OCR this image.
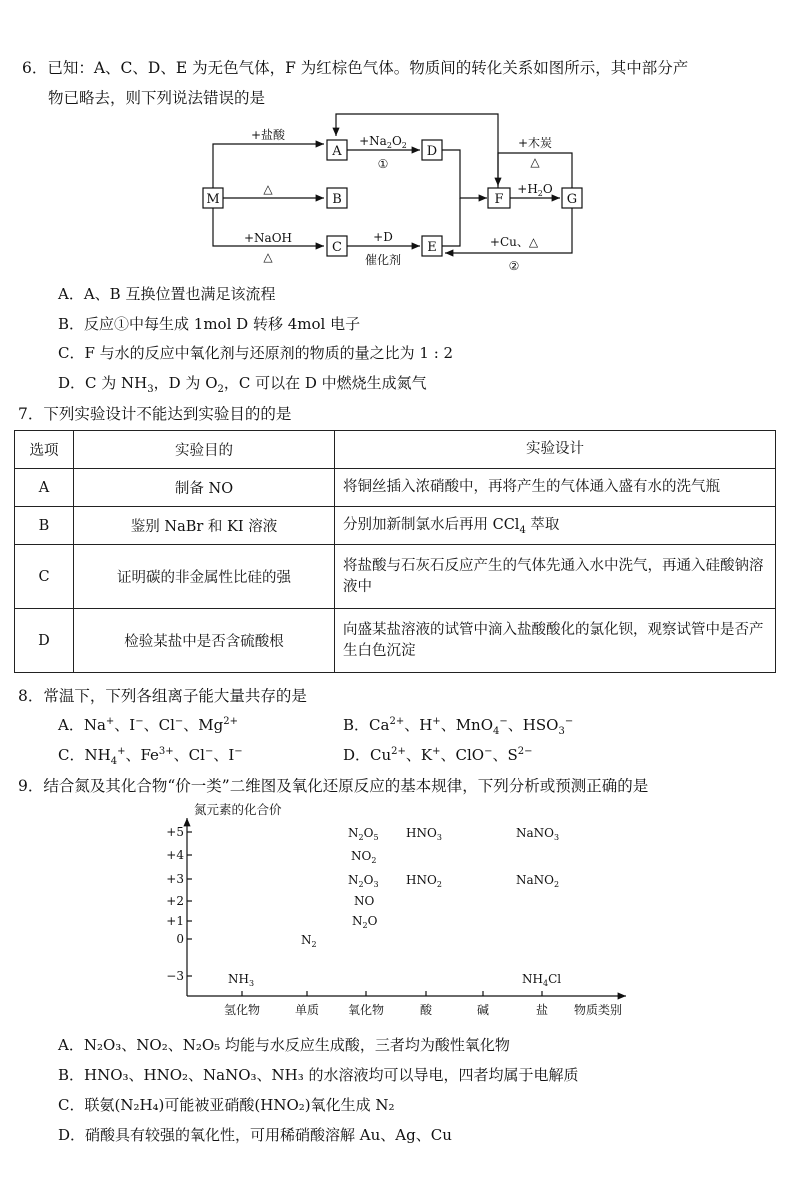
6．已知：A、C、D、E 为无色气体，F 为红棕色气体。物质间的转化关系如图所示，其中部分产
物已略去，则下列说法错误的是
M
A
B
C
D
E
F	G
+盐酸
△
+NaOH
△
$+Na_2O_2$
①
+D
催化剂
$+H_2O$
+木炭
△
+Cu、△
②
A．A、B 互换位置也满足该流程
B．反应①中每生成 1mol D 转移 4mol 电子
C．F 与水的反应中氧化剂与还原剂的物质的量之比为 1 : 2
D．C 为 $NH_3$，D 为 $O_2$，C 可以在 D 中燃烧生成氮气
7．下列实验设计不能达到实验目的的是
选项	实验目的	实验设计
A	制备 NO	将铜丝插入浓硝酸中，再将产生的气体通入盛有水的洗气瓶
B	鉴别 NaBr 和 KI 溶液	分别加新制氯水后再用 CCl$_4$ 萃取
C	证明碳的非金属性比硅的强	将盐酸与石灰石反应产生的气体先通入水中洗气，再通入硅酸钠溶液中
D	检验某盐中是否含硫酸根	向盛某盐溶液的试管中滴入盐酸酸化的氯化钡，观察试管中是否产生白色沉淀
8．常温下，下列各组离子能大量共存的是
A．Na+、I−、Cl−、$Mg^{2+}$	B．$Ca^{2+}$、H+、MnO$_4$−、$HSO_3^-$
C．$NH_4^+$、$Fe^{3+}$、Cl−、I−	D．$Cu^{2+}$、K+、ClO−、$S^{2-}$
9．结合氮及其化合物“价一类”二维图及氧化还原反应的基本规律，下列分析或预测正确的是
氮元素的化合价
+5
+4
+3
+2
+1
0
−3
氢化物	单质 氧化物	酸	碱	盐 物质类别
$N_2O_5$ $HNO_3$	NaNO$_3$
$NO_2$
$N_2O_3$ $HNO_2$	NaNO$_2$
NO
$N_2O$
$N_2$
$NH_3$	$NH_4Cl$
A．N₂O₃、NO₂、N₂O₅ 均能与水反应生成酸，三者均为酸性氧化物
B．HNO₃、HNO₂、NaNO₃、NH₃ 的水溶液均可以导电，四者均属于电解质
C．联氨(N₂H₄)可能被亚硝酸(HNO₂)氧化生成 N₂
D．硝酸具有较强的氧化性，可用稀硝酸溶解 Au、Ag、Cu
